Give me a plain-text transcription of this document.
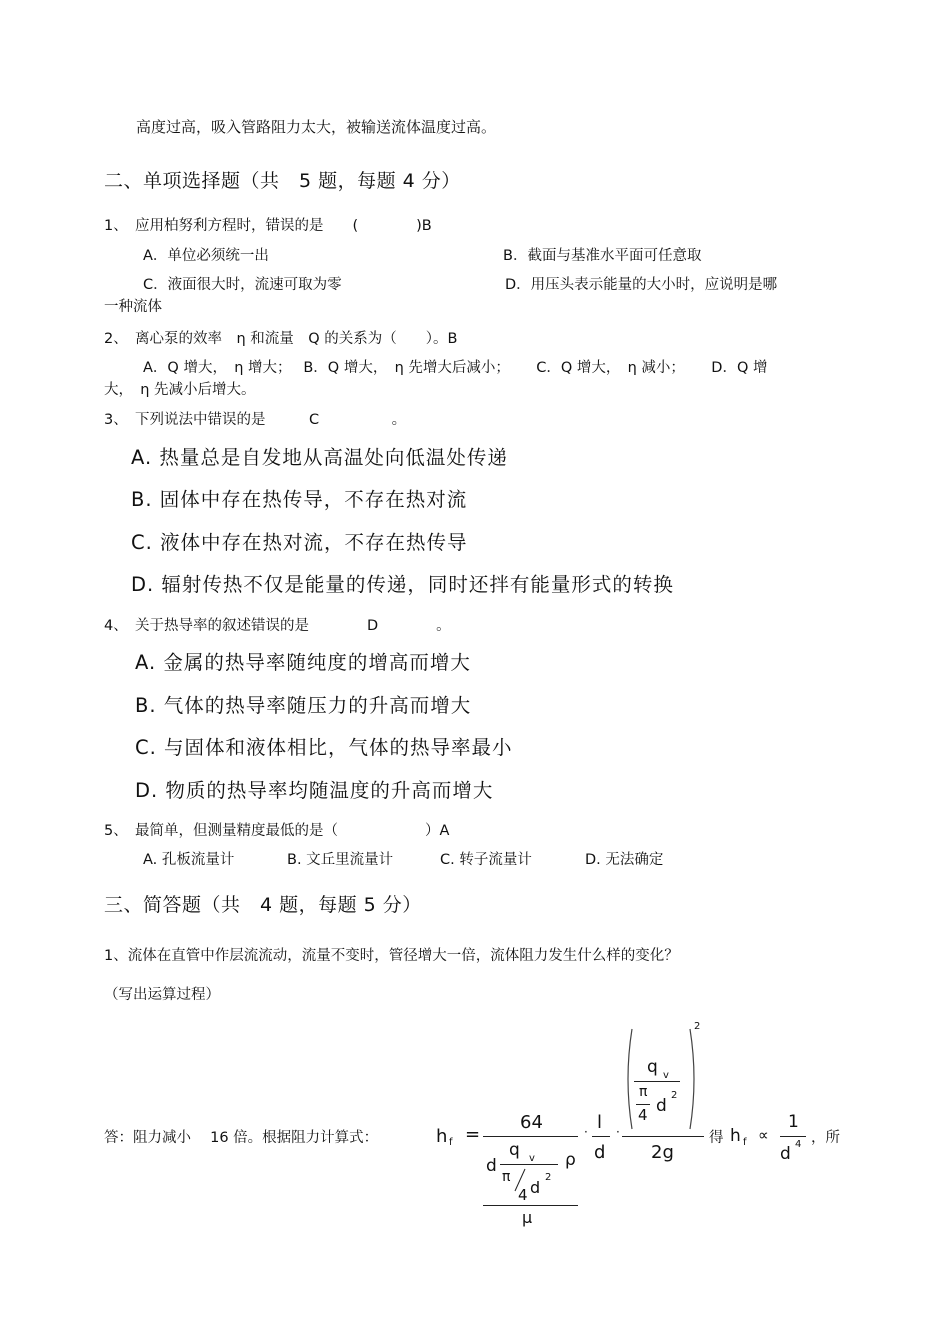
高度过高，吸入管路阻力太大，被输送流体温度过高。
二、单项选择题（共　5 题，每题 4 分）
1、　应用柏努利方程时，错误的是　　(　　　　)B
A．单位必须统一出	B．截面与基准水平面可任意取
C．液面很大时，流速可取为零	D．用压头表示能量的大小时，应说明是哪
一种流体
2、　离心泵的效率　η 和流量　Q 的关系为（　　）。B
A．Q 增大，　η 增大；　 B．Q 增大，　η 先增大后减小；　　 C．Q 增大，　η 减小；　　 D．Q 增
大，　η 先减小后增大。
3、　下列说法中错误的是　　　C　　　　　。
A. 热量总是自发地从高温处向低温处传递
B. 固体中存在热传导，不存在热对流
C. 液体中存在热对流，不存在热传导
D. 辐射传热不仅是能量的传递，同时还拌有能量形式的转换
4、　关于热导率的叙述错误的是　　　　D　　　　。
A. 金属的热导率随纯度的增高而增大
B. 气体的热导率随压力的升高而增大
C. 与固体和液体相比，气体的热导率最小
D. 物质的热导率均随温度的升高而增大
5、　最简单，但测量精度最低的是（　　　　　　）A
A. 孔板流量计	B. 文丘里流量计	C. 转子流量计	D. 无法确定
三、简答题（共　4 题，每题 5 分）
1、流体在直管中作层流流动，流量不变时，管径增大一倍，流体阻力发生什么样的变化？
（写出运算过程）
答：阻力减小　 16 倍。根据阻力计算式：	h f =
64
d
q v
π
4 d
2
ρ
μ
· l
d
·
2
q v
π
4 d
2
2g
得 h f ∝
1
d 4 ，所
